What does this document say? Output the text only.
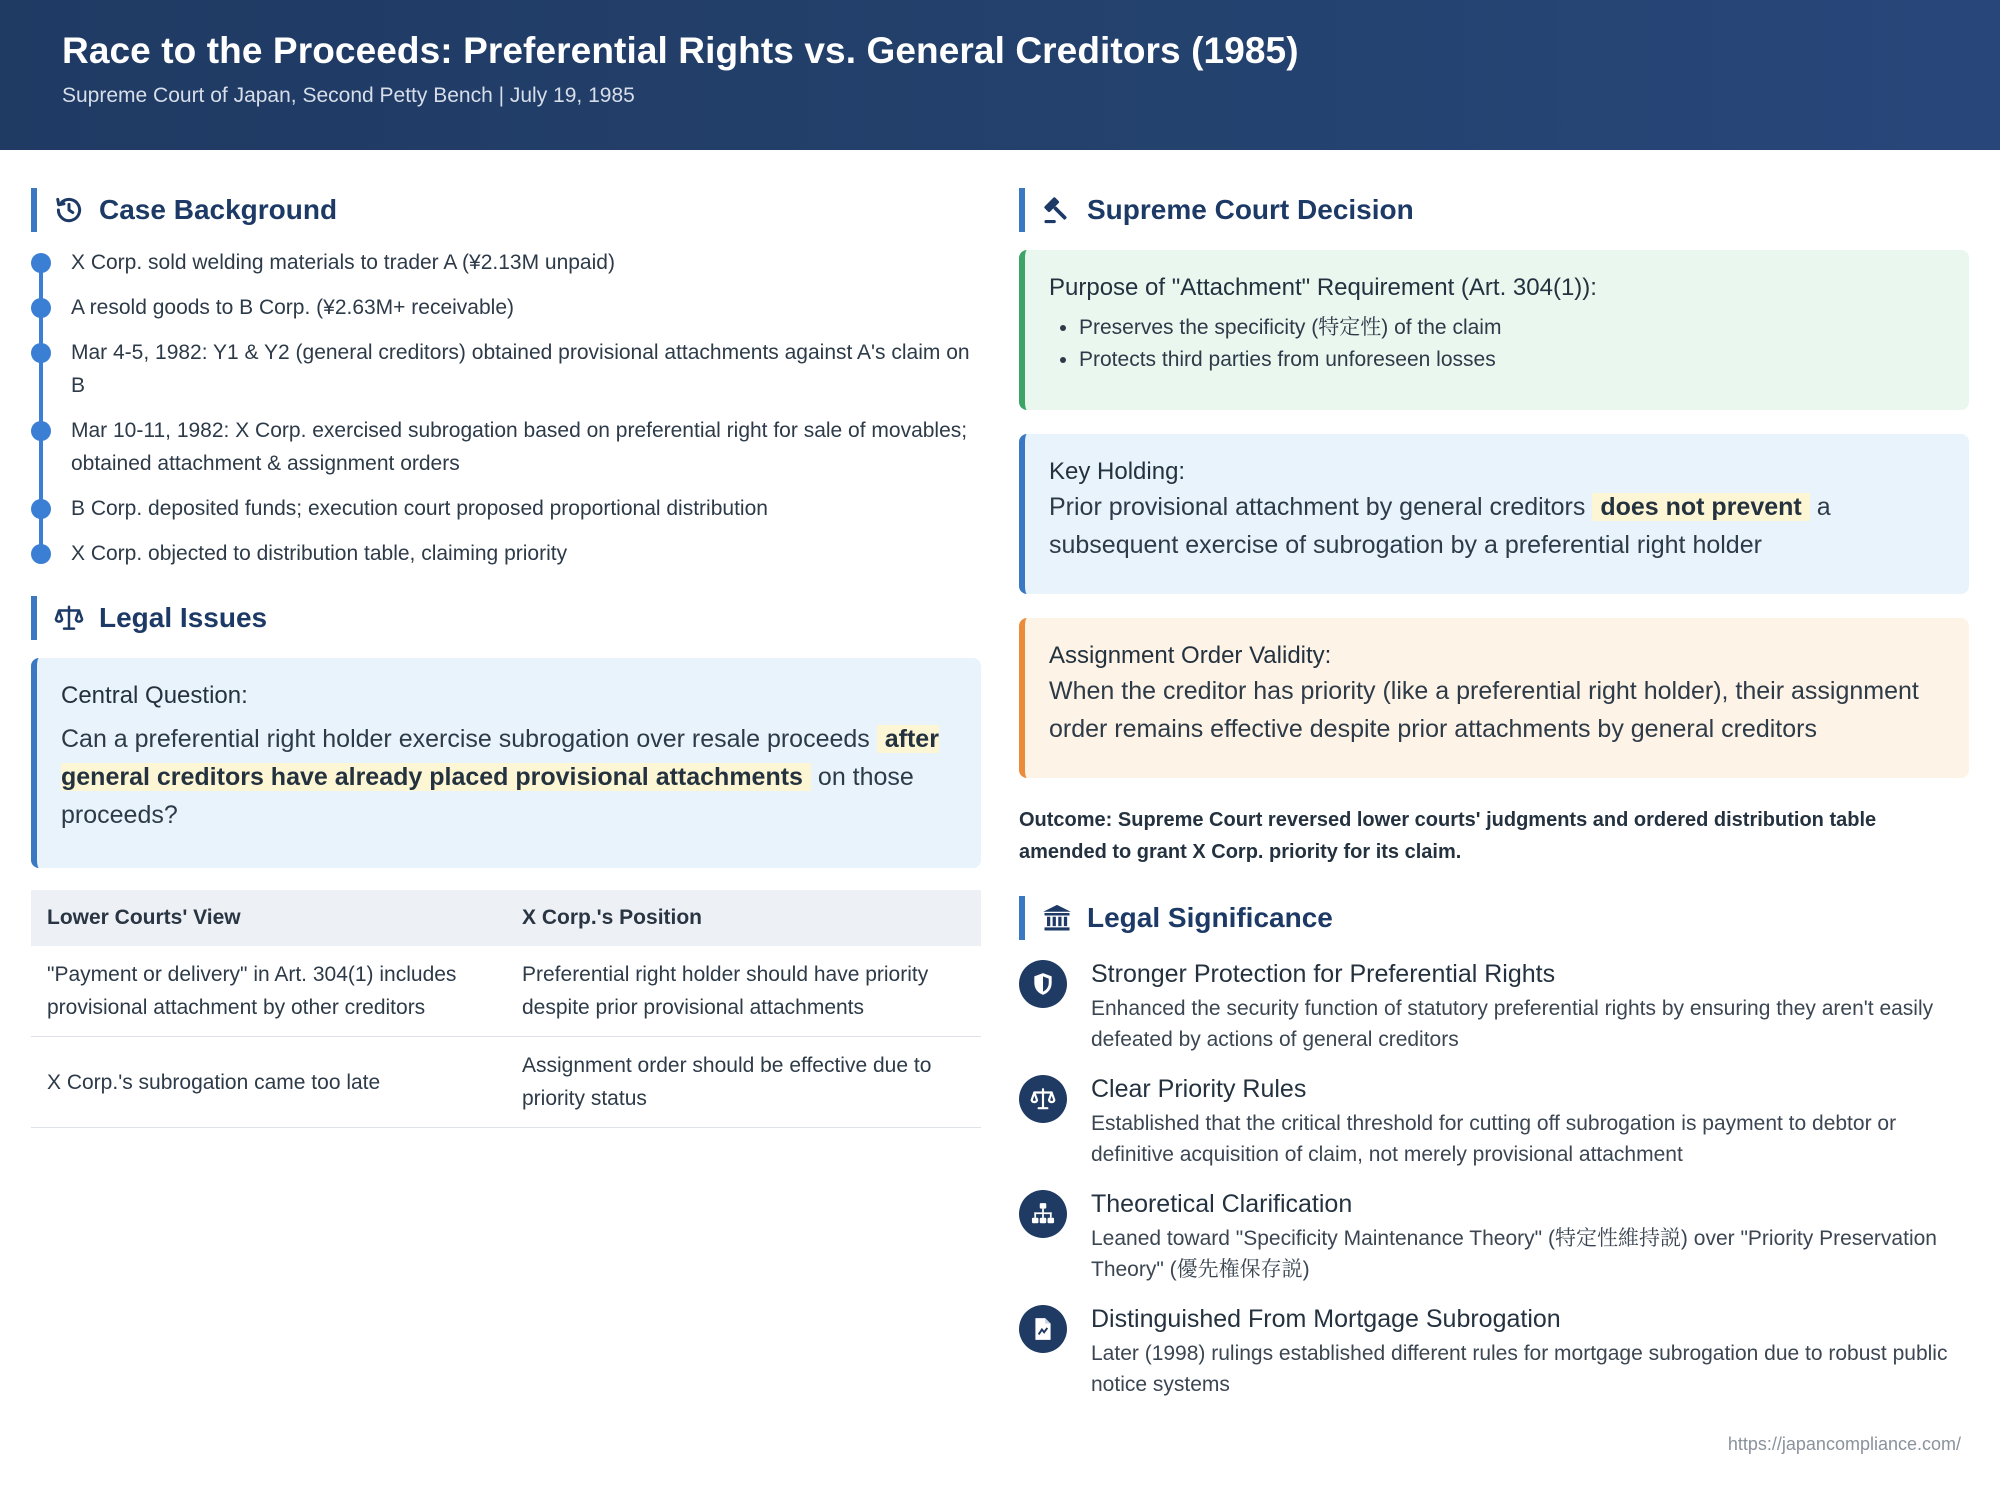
Race to the Proceeds: Preferential Rights vs. General Creditors (1985)
Supreme Court of Japan, Second Petty Bench | July 19, 1985
Case Background
X Corp. sold welding materials to trader A (¥2.13M unpaid)
A resold goods to B Corp. (¥2.63M+ receivable)
Mar 4-5, 1982: Y1 & Y2 (general creditors) obtained provisional attachments against A's claim on B
Mar 10-11, 1982: X Corp. exercised subrogation based on preferential right for sale of movables; obtained attachment & assignment orders
B Corp. deposited funds; execution court proposed proportional distribution
X Corp. objected to distribution table, claiming priority
Legal Issues
Central Question:
Can a preferential right holder exercise subrogation over resale proceeds after general creditors have already placed provisional attachments on those proceeds?
Lower Courts' View	X Corp.'s Position
"Payment or delivery" in Art. 304(1) includes provisional attachment by other creditors	Preferential right holder should have priority despite prior provisional attachments
X Corp.'s subrogation came too late	Assignment order should be effective due to priority status
Supreme Court Decision
Purpose of "Attachment" Requirement (Art. 304(1)):
• Preserves the specificity (特定性) of the claim
• Protects third parties from unforeseen losses
Key Holding:
Prior provisional attachment by general creditors does not prevent a subsequent exercise of subrogation by a preferential right holder
Assignment Order Validity:
When the creditor has priority (like a preferential right holder), their assignment order remains effective despite prior attachments by general creditors
Outcome: Supreme Court reversed lower courts' judgments and ordered distribution table amended to grant X Corp. priority for its claim.
Legal Significance
Stronger Protection for Preferential Rights
Enhanced the security function of statutory preferential rights by ensuring they aren't easily defeated by actions of general creditors
Clear Priority Rules
Established that the critical threshold for cutting off subrogation is payment to debtor or definitive acquisition of claim, not merely provisional attachment
Theoretical Clarification
Leaned toward "Specificity Maintenance Theory" (特定性維持説) over "Priority Preservation Theory" (優先権保存説)
Distinguished From Mortgage Subrogation
Later (1998) rulings established different rules for mortgage subrogation due to robust public notice systems
https://japancompliance.com/
